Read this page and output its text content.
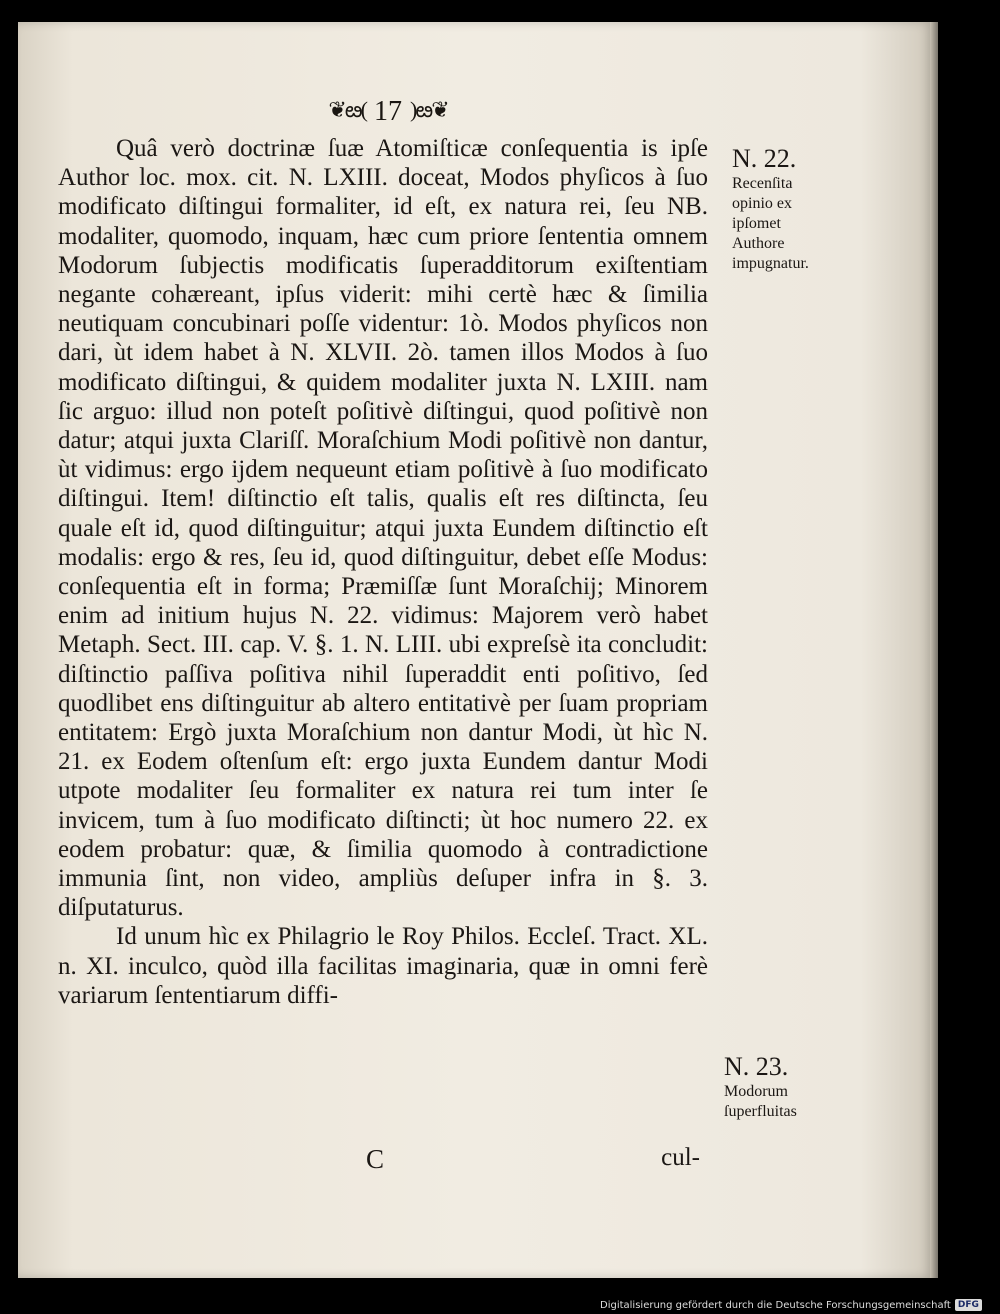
❦ఴ( 17 )ఴ❦

Quâ verò doctrinæ ſuæ Atomiſticæ conſequentia is ipſe Author loc. mox. cit. N. LXIII. doceat, Modos phyſicos à ſuo modificato diſtingui formaliter, id eſt, ex natura rei, ſeu NB. modaliter, quomodo, inquam, hæc cum priore ſententia omnem Modorum ſubjectis modificatis ſuperadditorum exiſtentiam negante cohæreant, ipſus viderit: mihi certè hæc & ſimilia neutiquam concubinari poſſe videntur: 1ò. Modos phyſicos non dari, ùt idem habet à N. XLVII. 2ò. tamen illos Modos à ſuo modificato diſtingui, & quidem modaliter juxta N. LXIII. nam ſic arguo: illud non poteſt poſitivè diſtingui, quod poſitivè non datur; atqui juxta Clariſſ. Moraſchium Modi poſitivè non dantur, ùt vidimus: ergo ijdem nequeunt etiam poſitivè à ſuo modificato diſtingui. Item! diſtinctio eſt talis, qualis eſt res diſtincta, ſeu quale eſt id, quod diſtinguitur; atqui juxta Eundem diſtinctio eſt modalis: ergo & res, ſeu id, quod diſtinguitur, debet eſſe Modus: conſequentia eſt in forma; Præmiſſæ ſunt Moraſchij; Minorem enim ad initium hujus N. 22. vidimus: Majorem verò habet Metaph. Sect. III. cap. V. §. 1. N. LIII. ubi expreſsè ita concludit: diſtinctio paſſiva poſitiva nihil ſuperaddit enti poſitivo, ſed quodlibet ens diſtinguitur ab altero entitativè per ſuam propriam entitatem: Ergò juxta Moraſchium non dantur Modi, ùt hìc N. 21. ex Eodem oſtenſum eſt: ergo juxta Eundem dantur Modi utpote modaliter ſeu formaliter ex natura rei tum inter ſe invicem, tum à ſuo modificato diſtincti; ùt hoc numero 22. ex eodem probatur: quæ, & ſimilia quomodo à contradictione immunia ſint, non video, ampliùs deſuper infra in §. 3. diſputaturus.

Id unum hìc ex Philagrio le Roy Philos. Eccleſ. Tract. XL. n. XI. inculco, quòd illa facilitas imaginaria, quæ in omni ferè variarum ſententiarum diffi-

C	cul-
N. 22.
Recenſita opinio ex ipſomet Authore impugnatur.
N. 23.
Modorum ſuperfluitas
Digitalisierung gefördert durch die Deutsche Forschungsgemeinschaft DFG
